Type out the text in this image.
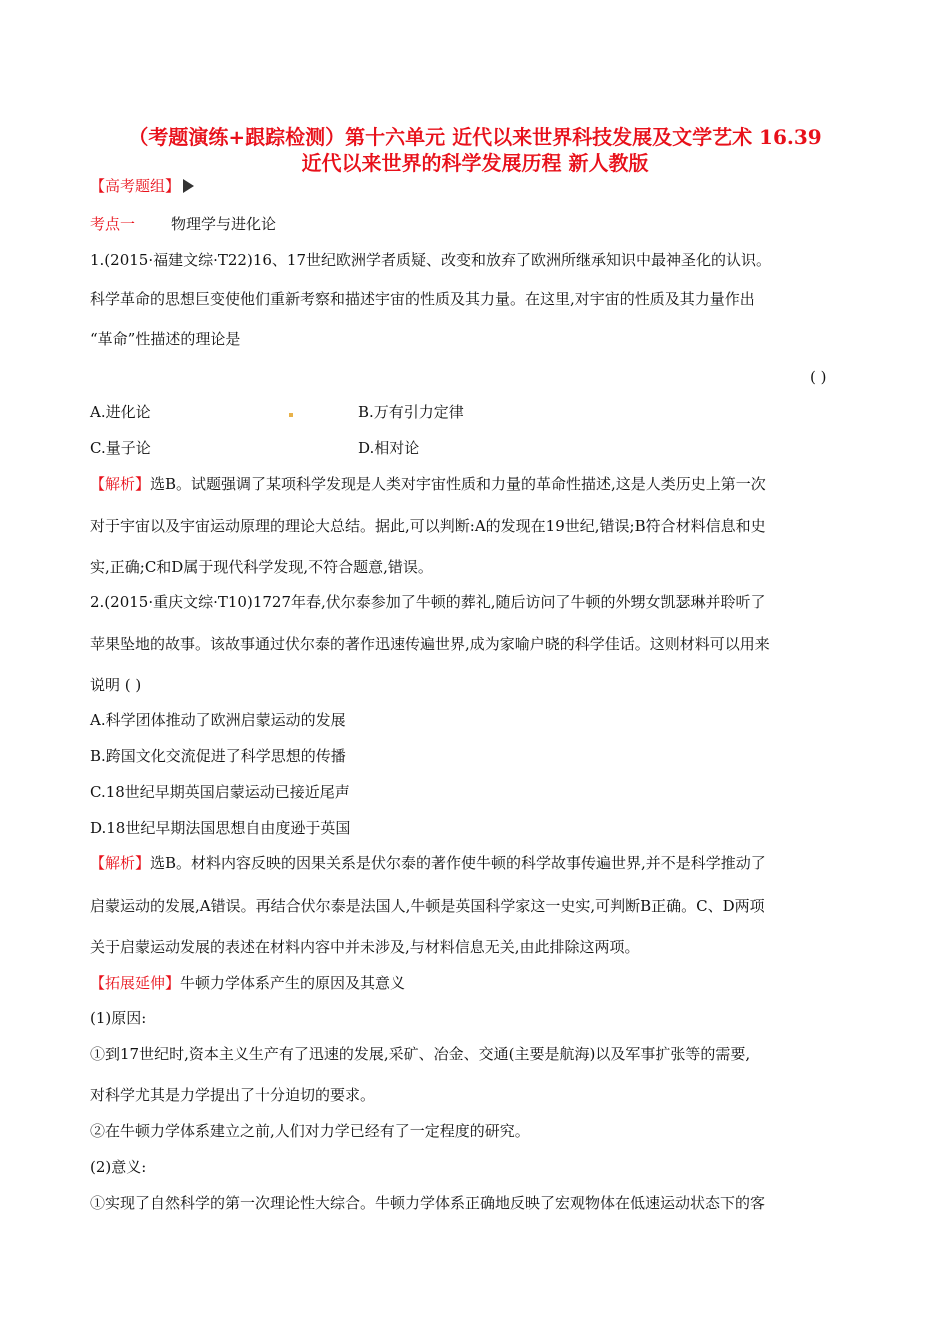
（考题演练+跟踪检测）第十六单元 近代以来世界科技发展及文学艺术 16.39
近代以来世界的科学发展历程 新人教版
【高考题组】
考点一 物理学与进化论
1.(2015·福建文综·T22)16、17世纪欧洲学者质疑、改变和放弃了欧洲所继承知识中最神圣化的认识。
科学革命的思想巨变使他们重新考察和描述宇宙的性质及其力量。在这里,对宇宙的性质及其力量作出
“革命”性描述的理论是
( )
A.进化论	B.万有引力定律
C.量子论	D.相对论
【解析】选B。试题强调了某项科学发现是人类对宇宙性质和力量的革命性描述,这是人类历史上第一次
对于宇宙以及宇宙运动原理的理论大总结。据此,可以判断:A的发现在19世纪,错误;B符合材料信息和史
实,正确;C和D属于现代科学发现,不符合题意,错误。
2.(2015·重庆文综·T10)1727年春,伏尔泰参加了牛顿的葬礼,随后访问了牛顿的外甥女凯瑟琳并聆听了
苹果坠地的故事。该故事通过伏尔泰的著作迅速传遍世界,成为家喻户晓的科学佳话。这则材料可以用来
说明 ( )
A.科学团体推动了欧洲启蒙运动的发展
B.跨国文化交流促进了科学思想的传播
C.18世纪早期英国启蒙运动已接近尾声
D.18世纪早期法国思想自由度逊于英国
【解析】选B。材料内容反映的因果关系是伏尔泰的著作使牛顿的科学故事传遍世界,并不是科学推动了
启蒙运动的发展,A错误。再结合伏尔泰是法国人,牛顿是英国科学家这一史实,可判断B正确。C、D两项
关于启蒙运动发展的表述在材料内容中并未涉及,与材料信息无关,由此排除这两项。
【拓展延伸】牛顿力学体系产生的原因及其意义
(1)原因:
①到17世纪时,资本主义生产有了迅速的发展,采矿、冶金、交通(主要是航海)以及军事扩张等的需要,
对科学尤其是力学提出了十分迫切的要求。
②在牛顿力学体系建立之前,人们对力学已经有了一定程度的研究。
(2)意义:
①实现了自然科学的第一次理论性大综合。牛顿力学体系正确地反映了宏观物体在低速运动状态下的客
